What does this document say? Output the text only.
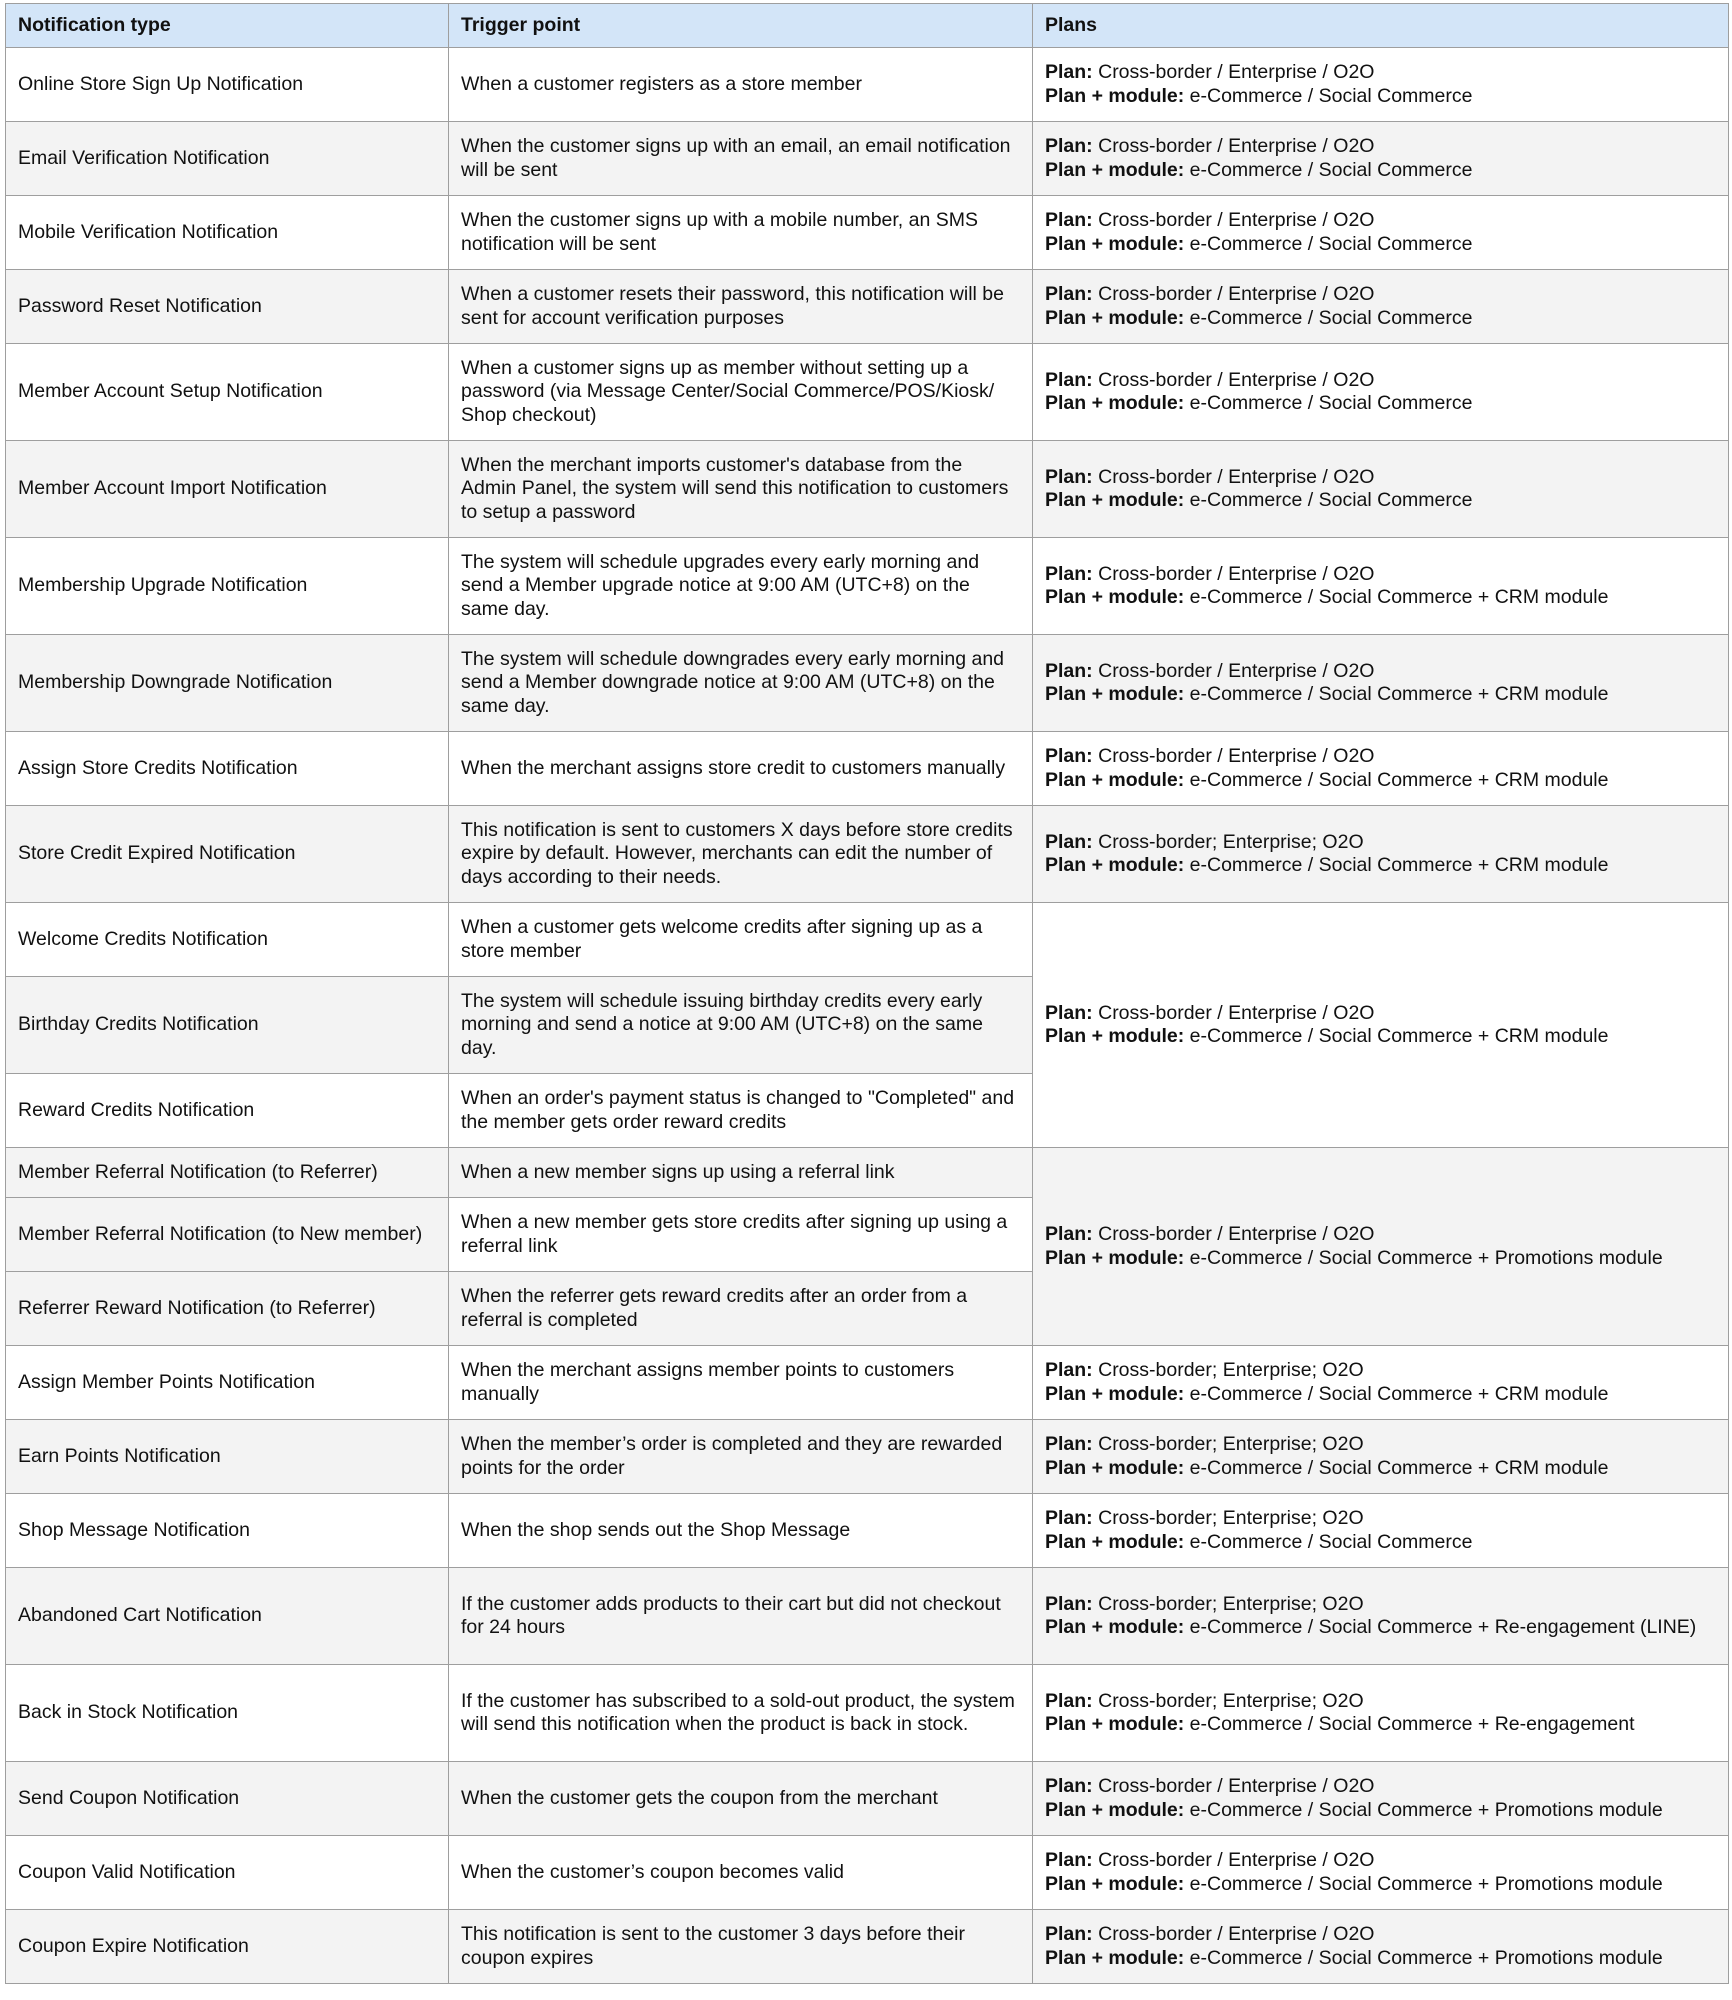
Notification type	Trigger point	Plans
Online Store Sign Up Notification	When a customer registers as a store member	Plan: Cross-border / Enterprise / O2O
Plan + module: e-Commerce / Social Commerce

Email Verification Notification	When the customer signs up with an email, an email notification will be sent	Plan: Cross-border / Enterprise / O2O
Plan + module: e-Commerce / Social Commerce

Mobile Verification Notification	When the customer signs up with a mobile number, an SMS notification will be sent	Plan: Cross-border / Enterprise / O2O
Plan + module: e-Commerce / Social Commerce

Password Reset Notification	When a customer resets their password, this notification will be sent for account verification purposes	Plan: Cross-border / Enterprise / O2O
Plan + module: e-Commerce / Social Commerce

Member Account Setup Notification	When a customer signs up as member without setting up a password (via Message Center/Social Commerce/POS/Kiosk/ Shop checkout)	Plan: Cross-border / Enterprise / O2O
Plan + module: e-Commerce / Social Commerce

Member Account Import Notification	When the merchant imports customer's database from the Admin Panel, the system will send this notification to customers to setup a password	Plan: Cross-border / Enterprise / O2O
Plan + module: e-Commerce / Social Commerce

Membership Upgrade Notification	The system will schedule upgrades every early morning and send a Member upgrade notice at 9:00 AM (UTC+8) on the same day.	Plan: Cross-border / Enterprise / O2O
Plan + module: e-Commerce / Social Commerce + CRM module

Membership Downgrade Notification	The system will schedule downgrades every early morning and send a Member downgrade notice at 9:00 AM (UTC+8) on the same day.	Plan: Cross-border / Enterprise / O2O
Plan + module: e-Commerce / Social Commerce + CRM module

Assign Store Credits Notification	When the merchant assigns store credit to customers manually	Plan: Cross-border / Enterprise / O2O
Plan + module: e-Commerce / Social Commerce + CRM module

Store Credit Expired Notification	This notification is sent to customers X days before store credits expire by default. However, merchants can edit the number of days according to their needs.	Plan: Cross-border; Enterprise; O2O
Plan + module: e-Commerce / Social Commerce + CRM module

Welcome Credits Notification	When a customer gets welcome credits after signing up as a store member	Plan: Cross-border / Enterprise / O2O
Plan + module: e-Commerce / Social Commerce + CRM module

Birthday Credits Notification	The system will schedule issuing birthday credits every early morning and send a notice at 9:00 AM (UTC+8) on the same day.	
Reward Credits Notification	When an order's payment status is changed to "Completed" and the member gets order reward credits	
Member Referral Notification (to Referrer)	When a new member signs up using a referral link	Plan: Cross-border / Enterprise / O2O
Plan + module: e-Commerce / Social Commerce + Promotions module

Member Referral Notification (to New member)	When a new member gets store credits after signing up using a referral link	
Referrer Reward Notification (to Referrer)	When the referrer gets reward credits after an order from a referral is completed	
Assign Member Points Notification	When the merchant assigns member points to customers manually	Plan: Cross-border; Enterprise; O2O
Plan + module: e-Commerce / Social Commerce + CRM module

Earn Points Notification	When the member’s order is completed and they are rewarded points for the order	Plan: Cross-border; Enterprise; O2O
Plan + module: e-Commerce / Social Commerce + CRM module

Shop Message Notification	When the shop sends out the Shop Message	Plan: Cross-border; Enterprise; O2O
Plan + module: e-Commerce / Social Commerce

Abandoned Cart Notification	If the customer adds products to their cart but did not checkout for 24 hours	Plan: Cross-border; Enterprise; O2O
Plan + module: e-Commerce / Social Commerce + Re-engagement (LINE)

Back in Stock Notification	If the customer has subscribed to a sold-out product, the system will send this notification when the product is back in stock.	Plan: Cross-border; Enterprise; O2O
Plan + module: e-Commerce / Social Commerce + Re-engagement

Send Coupon Notification	When the customer gets the coupon from the merchant	Plan: Cross-border / Enterprise / O2O
Plan + module: e-Commerce / Social Commerce + Promotions module

Coupon Valid Notification	When the customer’s coupon becomes valid	Plan: Cross-border / Enterprise / O2O
Plan + module: e-Commerce / Social Commerce + Promotions module

Coupon Expire Notification	This notification is sent to the customer 3 days before their coupon expires	Plan: Cross-border / Enterprise / O2O
Plan + module: e-Commerce / Social Commerce + Promotions module
